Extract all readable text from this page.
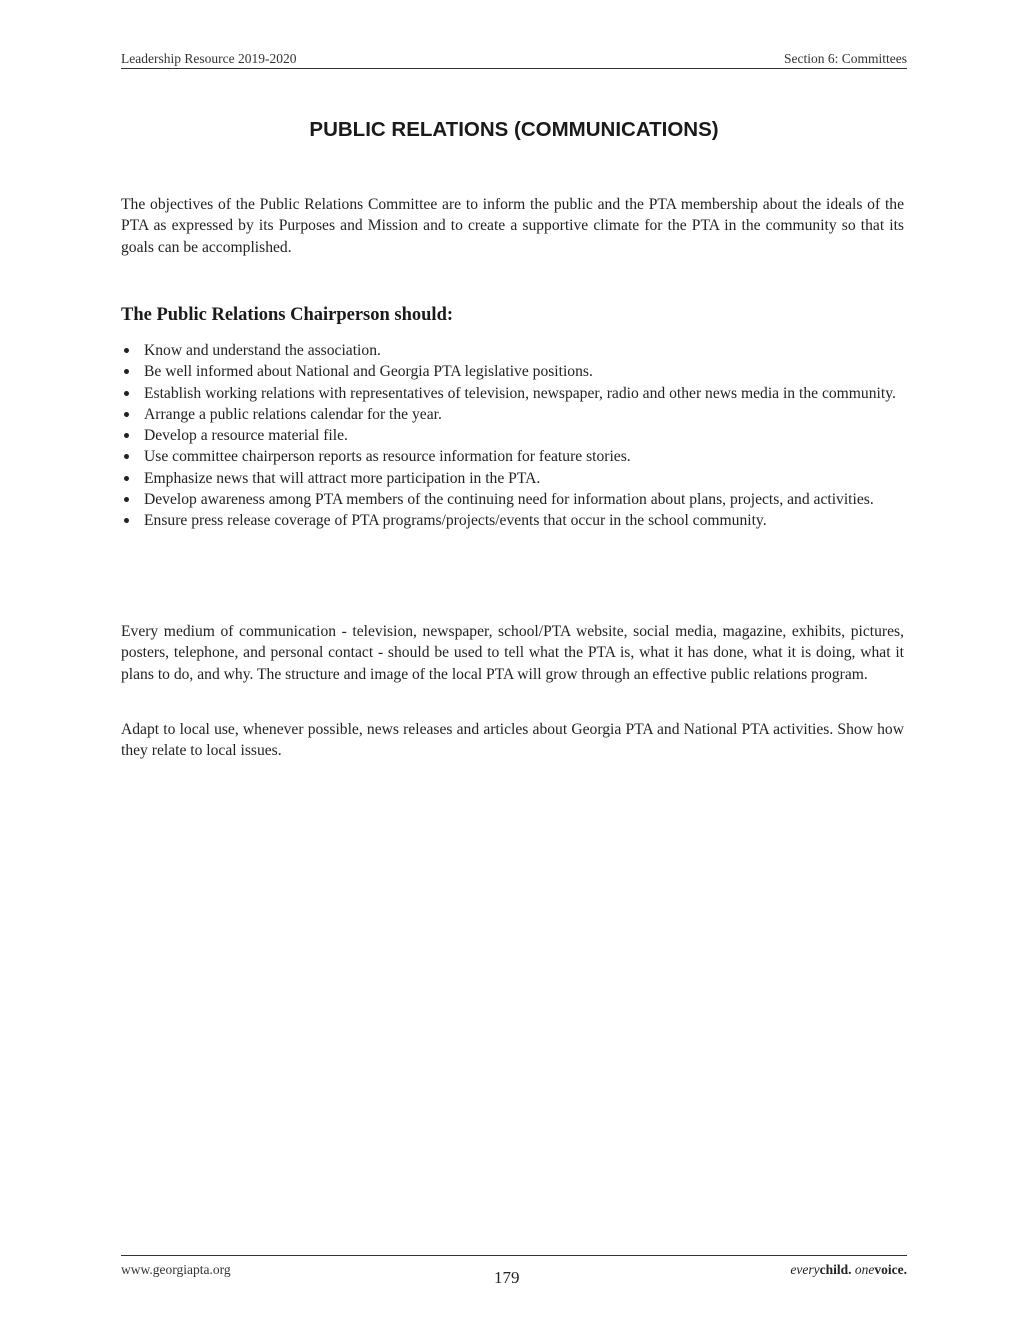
Leadership Resource 2019-2020	Section 6: Committees
PUBLIC RELATIONS (COMMUNICATIONS)

The objectives of the Public Relations Committee are to inform the public and the PTA membership about the ideals of the PTA as expressed by its Purposes and Mission and to create a supportive climate for the PTA in the community so that its goals can be accomplished.

The Public Relations Chairperson should:
Know and understand the association.
Be well informed about National and Georgia PTA legislative positions.
Establish working relations with representatives of television, newspaper, radio and other news media in the community.
Arrange a public relations calendar for the year.
Develop a resource material file.
Use committee chairperson reports as resource information for feature stories.
Emphasize news that will attract more participation in the PTA.
Develop awareness among PTA members of the continuing need for information about plans, projects, and activities.
Ensure press release coverage of PTA programs/projects/events that occur in the school community.

Every medium of communication - television, newspaper, school/PTA website, social media, magazine, exhibits, pictures, posters, telephone, and personal contact - should be used to tell what the PTA is, what it has done, what it is doing, what it plans to do, and why. The structure and image of the local PTA will grow through an effective public relations program.

Adapt to local use, whenever possible, news releases and articles about Georgia PTA and National PTA activities. Show how they relate to local issues.

www.georgiapta.org	179	everychild. onevoice.
